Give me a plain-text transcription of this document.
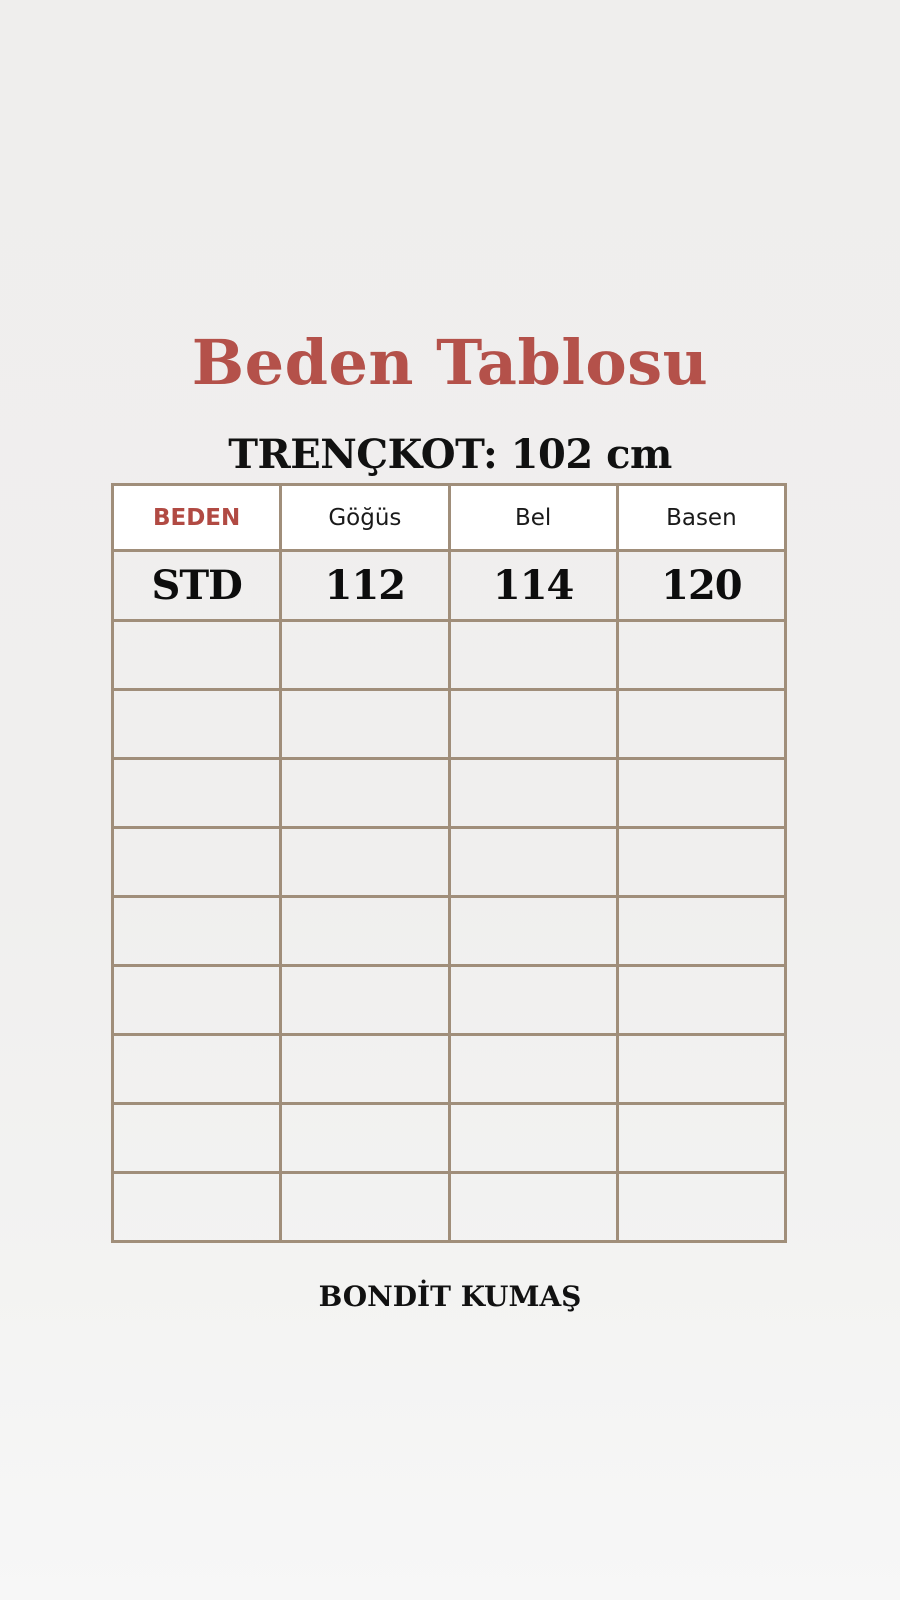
Beden Tablosu
TRENÇKOT: 102 cm
BEDEN	Göğüs	Bel	Basen
STD	112	114	120

BONDİT KUMAŞ
